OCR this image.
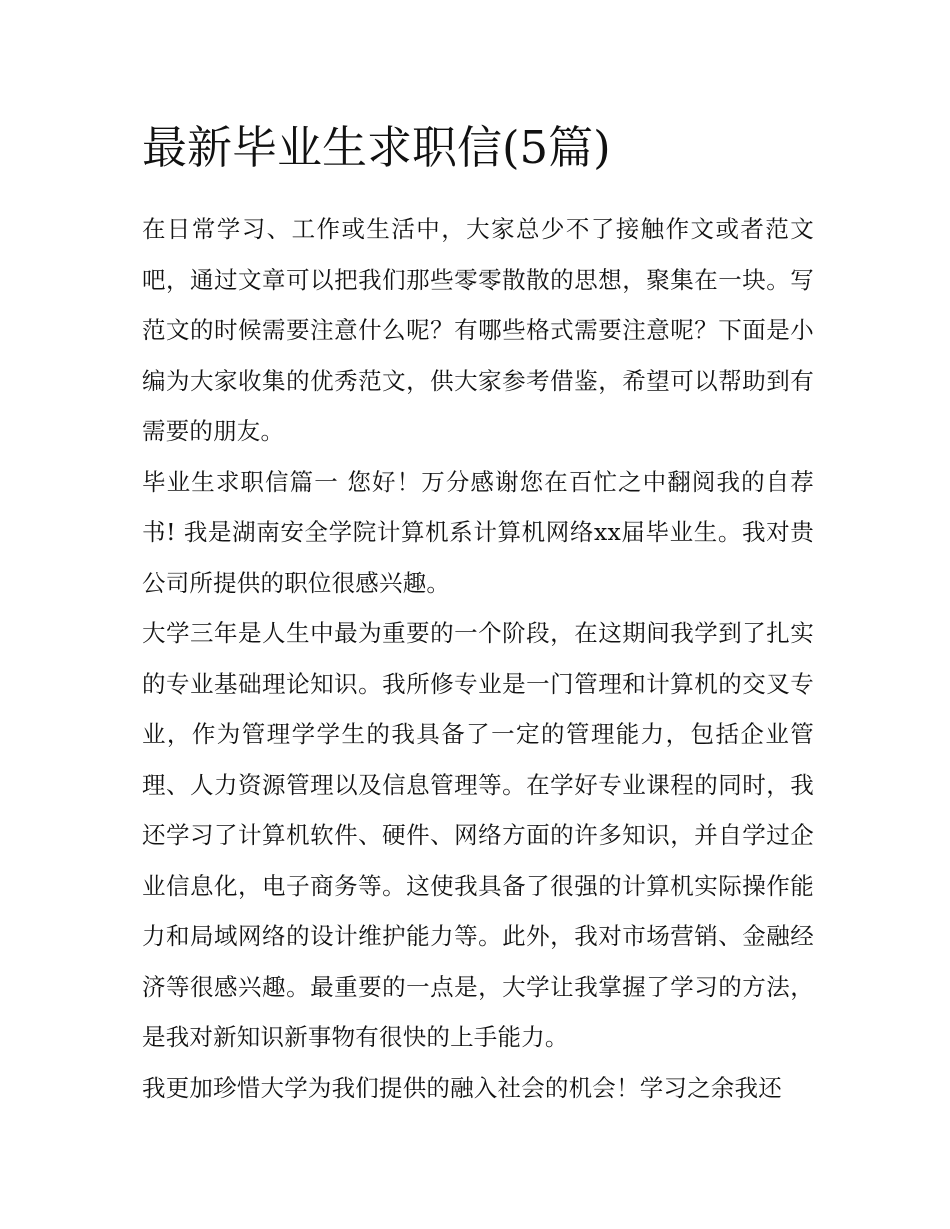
最新毕业生求职信(5篇)

在日常学习、工作或生活中，大家总少不了接触作文或者范文吧，通过文章可以把我们那些零零散散的思想，聚集在一块。写范文的时候需要注意什么呢？有哪些格式需要注意呢？下面是小编为大家收集的优秀范文，供大家参考借鉴，希望可以帮助到有需要的朋友。

毕业生求职信篇一 您好！万分感谢您在百忙之中翻阅我的自荐书! 我是湖南安全学院计算机系计算机网络xx届毕业生。我对贵公司所提供的职位很感兴趣。

大学三年是人生中最为重要的一个阶段，在这期间我学到了扎实的专业基础理论知识。我所修专业是一门管理和计算机的交叉专业，作为管理学学生的我具备了一定的管理能力，包括企业管理、人力资源管理以及信息管理等。在学好专业课程的同时，我还学习了计算机软件、硬件、网络方面的许多知识，并自学过企业信息化，电子商务等。这使我具备了很强的计算机实际操作能力和局域网络的设计维护能力等。此外，我对市场营销、金融经济等很感兴趣。最重要的一点是，大学让我掌握了学习的方法，是我对新知识新事物有很快的上手能力。

我更加珍惜大学为我们提供的融入社会的机会！学习之余我还
